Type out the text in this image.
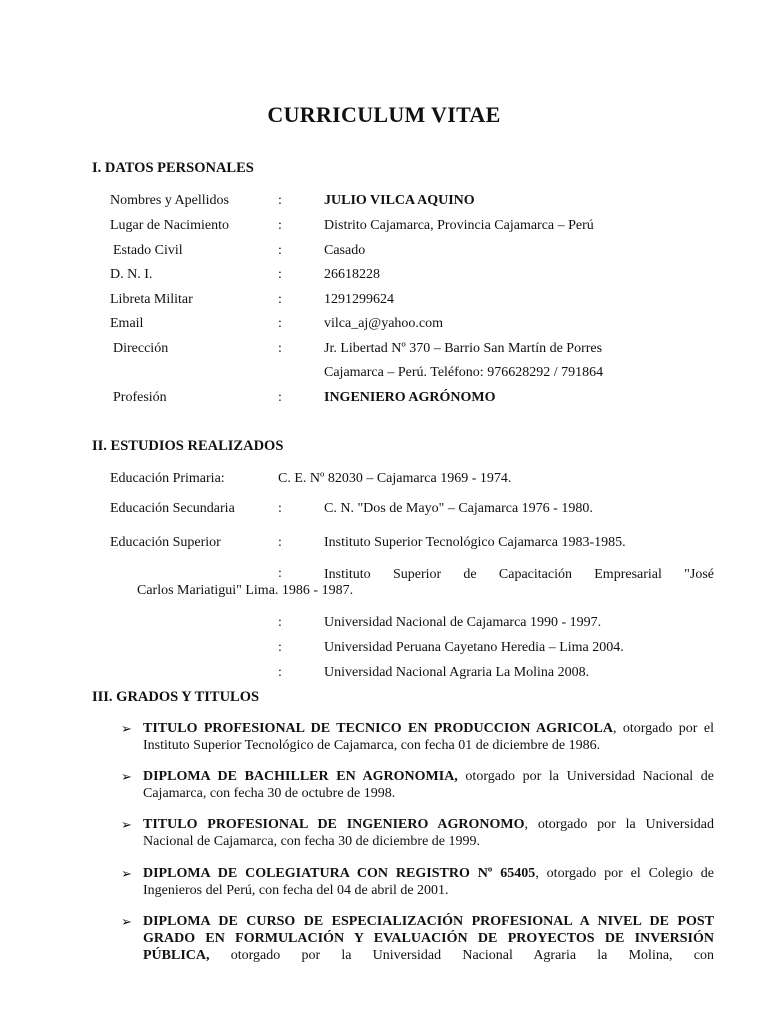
CURRICULUM VITAE
I. DATOS PERSONALES
Nombres y Apellidos	:	JULIO VILCA AQUINO
Lugar de Nacimiento	:	Distrito Cajamarca, Provincia Cajamarca – Perú
Estado Civil	:	Casado
D. N. I.	:	26618228
Libreta Militar	:	1291299624
Email	:	vilca_aj@yahoo.com
Dirección	:	Jr. Libertad Nº 370 – Barrio San Martín de Porres
Cajamarca – Perú. Teléfono: 976628292 / 791864
Profesión	:	INGENIERO AGRÓNOMO
II. ESTUDIOS REALIZADOS
Educación Primaria:	C. E. Nº 82030 – Cajamarca 1969 - 1974.
Educación Secundaria	:	C. N. "Dos de Mayo" – Cajamarca 1976 - 1980.
Educación Superior	:	Instituto Superior Tecnológico Cajamarca 1983-1985.
:	Instituto Superior de Capacitación Empresarial "José
Carlos Mariatigui" Lima. 1986 - 1987.
:	Universidad Nacional de Cajamarca 1990 - 1997.
:	Universidad Peruana Cayetano Heredia – Lima 2004.
:	Universidad Nacional Agraria La Molina 2008.
III. GRADOS Y TITULOS
➢ TITULO PROFESIONAL DE TECNICO EN PRODUCCION AGRICOLA, otorgado por el Instituto Superior Tecnológico de Cajamarca, con fecha 01 de diciembre de 1986.
➢ DIPLOMA DE BACHILLER EN AGRONOMIA, otorgado por la Universidad Nacional de Cajamarca, con fecha 30 de octubre de 1998.
➢ TITULO PROFESIONAL DE INGENIERO AGRONOMO, otorgado por la Universidad Nacional de Cajamarca, con fecha 30 de diciembre de 1999.
➢ DIPLOMA DE COLEGIATURA CON REGISTRO Nº 65405, otorgado por el Colegio de Ingenieros del Perú, con fecha del 04 de abril de 2001.
➢ DIPLOMA DE CURSO DE ESPECIALIZACIÓN PROFESIONAL A NIVEL DE POST GRADO EN FORMULACIÓN Y EVALUACIÓN DE PROYECTOS DE INVERSIÓN PÚBLICA, otorgado por la Universidad Nacional Agraria la Molina, con
